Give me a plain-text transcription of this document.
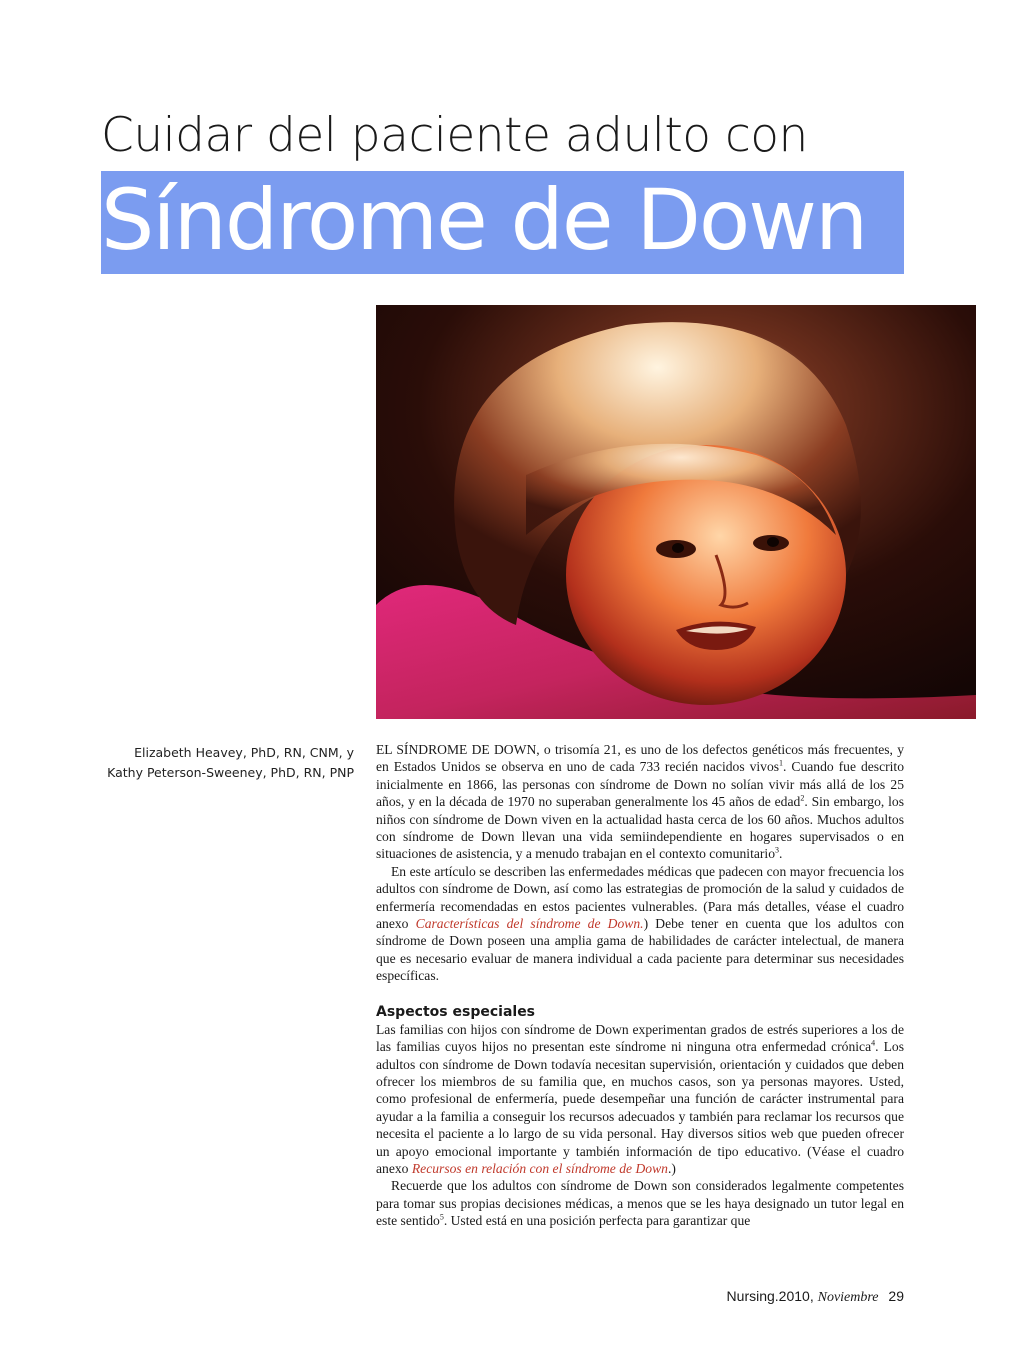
Cuidar del paciente adulto con
Síndrome de Down
Elizabeth Heavey, PhD, RN, CNM, y
Kathy Peterson-Sweeney, PhD, RN, PNP

EL SÍNDROME DE DOWN, o trisomía 21, es uno de los defectos genéticos más frecuentes, y en Estados Unidos se observa en uno de cada 733 recién nacidos vivos$^1$. Cuando fue descrito inicialmente en 1866, las personas con síndrome de Down no solían vivir más allá de los 25 años, y en la década de 1970 no superaban generalmente los 45 años de edad$^2$. Sin embargo, los niños con síndrome de Down viven en la actualidad hasta cerca de los 60 años. Muchos adultos con síndrome de Down llevan una vida semiindependiente en hogares supervisados o en situaciones de asistencia, y a menudo trabajan en el contexto comunitario$^3$.

En este artículo se describen las enfermedades médicas que padecen con mayor frecuencia los adultos con síndrome de Down, así como las estrategias de promoción de la salud y cuidados de enfermería recomendadas en estos pacientes vulnerables. (Para más detalles, véase el cuadro anexo Características del síndrome de Down.) Debe tener en cuenta que los adultos con síndrome de Down poseen una amplia gama de habilidades de carácter intelectual, de manera que es necesario evaluar de manera individual a cada paciente para determinar sus necesidades específicas.

Aspectos especiales

Las familias con hijos con síndrome de Down experimentan grados de estrés superiores a los de las familias cuyos hijos no presentan este síndrome ni ninguna otra enfermedad crónica$^4$. Los adultos con síndrome de Down todavía necesitan supervisión, orientación y cuidados que deben ofrecer los miembros de su familia que, en muchos casos, son ya personas mayores. Usted, como profesional de enfermería, puede desempeñar una función de carácter instrumental para ayudar a la familia a conseguir los recursos adecuados y también para reclamar los recursos que necesita el paciente a lo largo de su vida personal. Hay diversos sitios web que pueden ofrecer un apoyo emocional importante y también información de tipo educativo. (Véase el cuadro anexo Recursos en relación con el síndrome de Down.)

Recuerde que los adultos con síndrome de Down son considerados legalmente competentes para tomar sus propias decisiones médicas, a menos que se les haya designado un tutor legal en este sentido$^5$. Usted está en una posición perfecta para garantizar que

Nursing.2010, Noviembre 29
